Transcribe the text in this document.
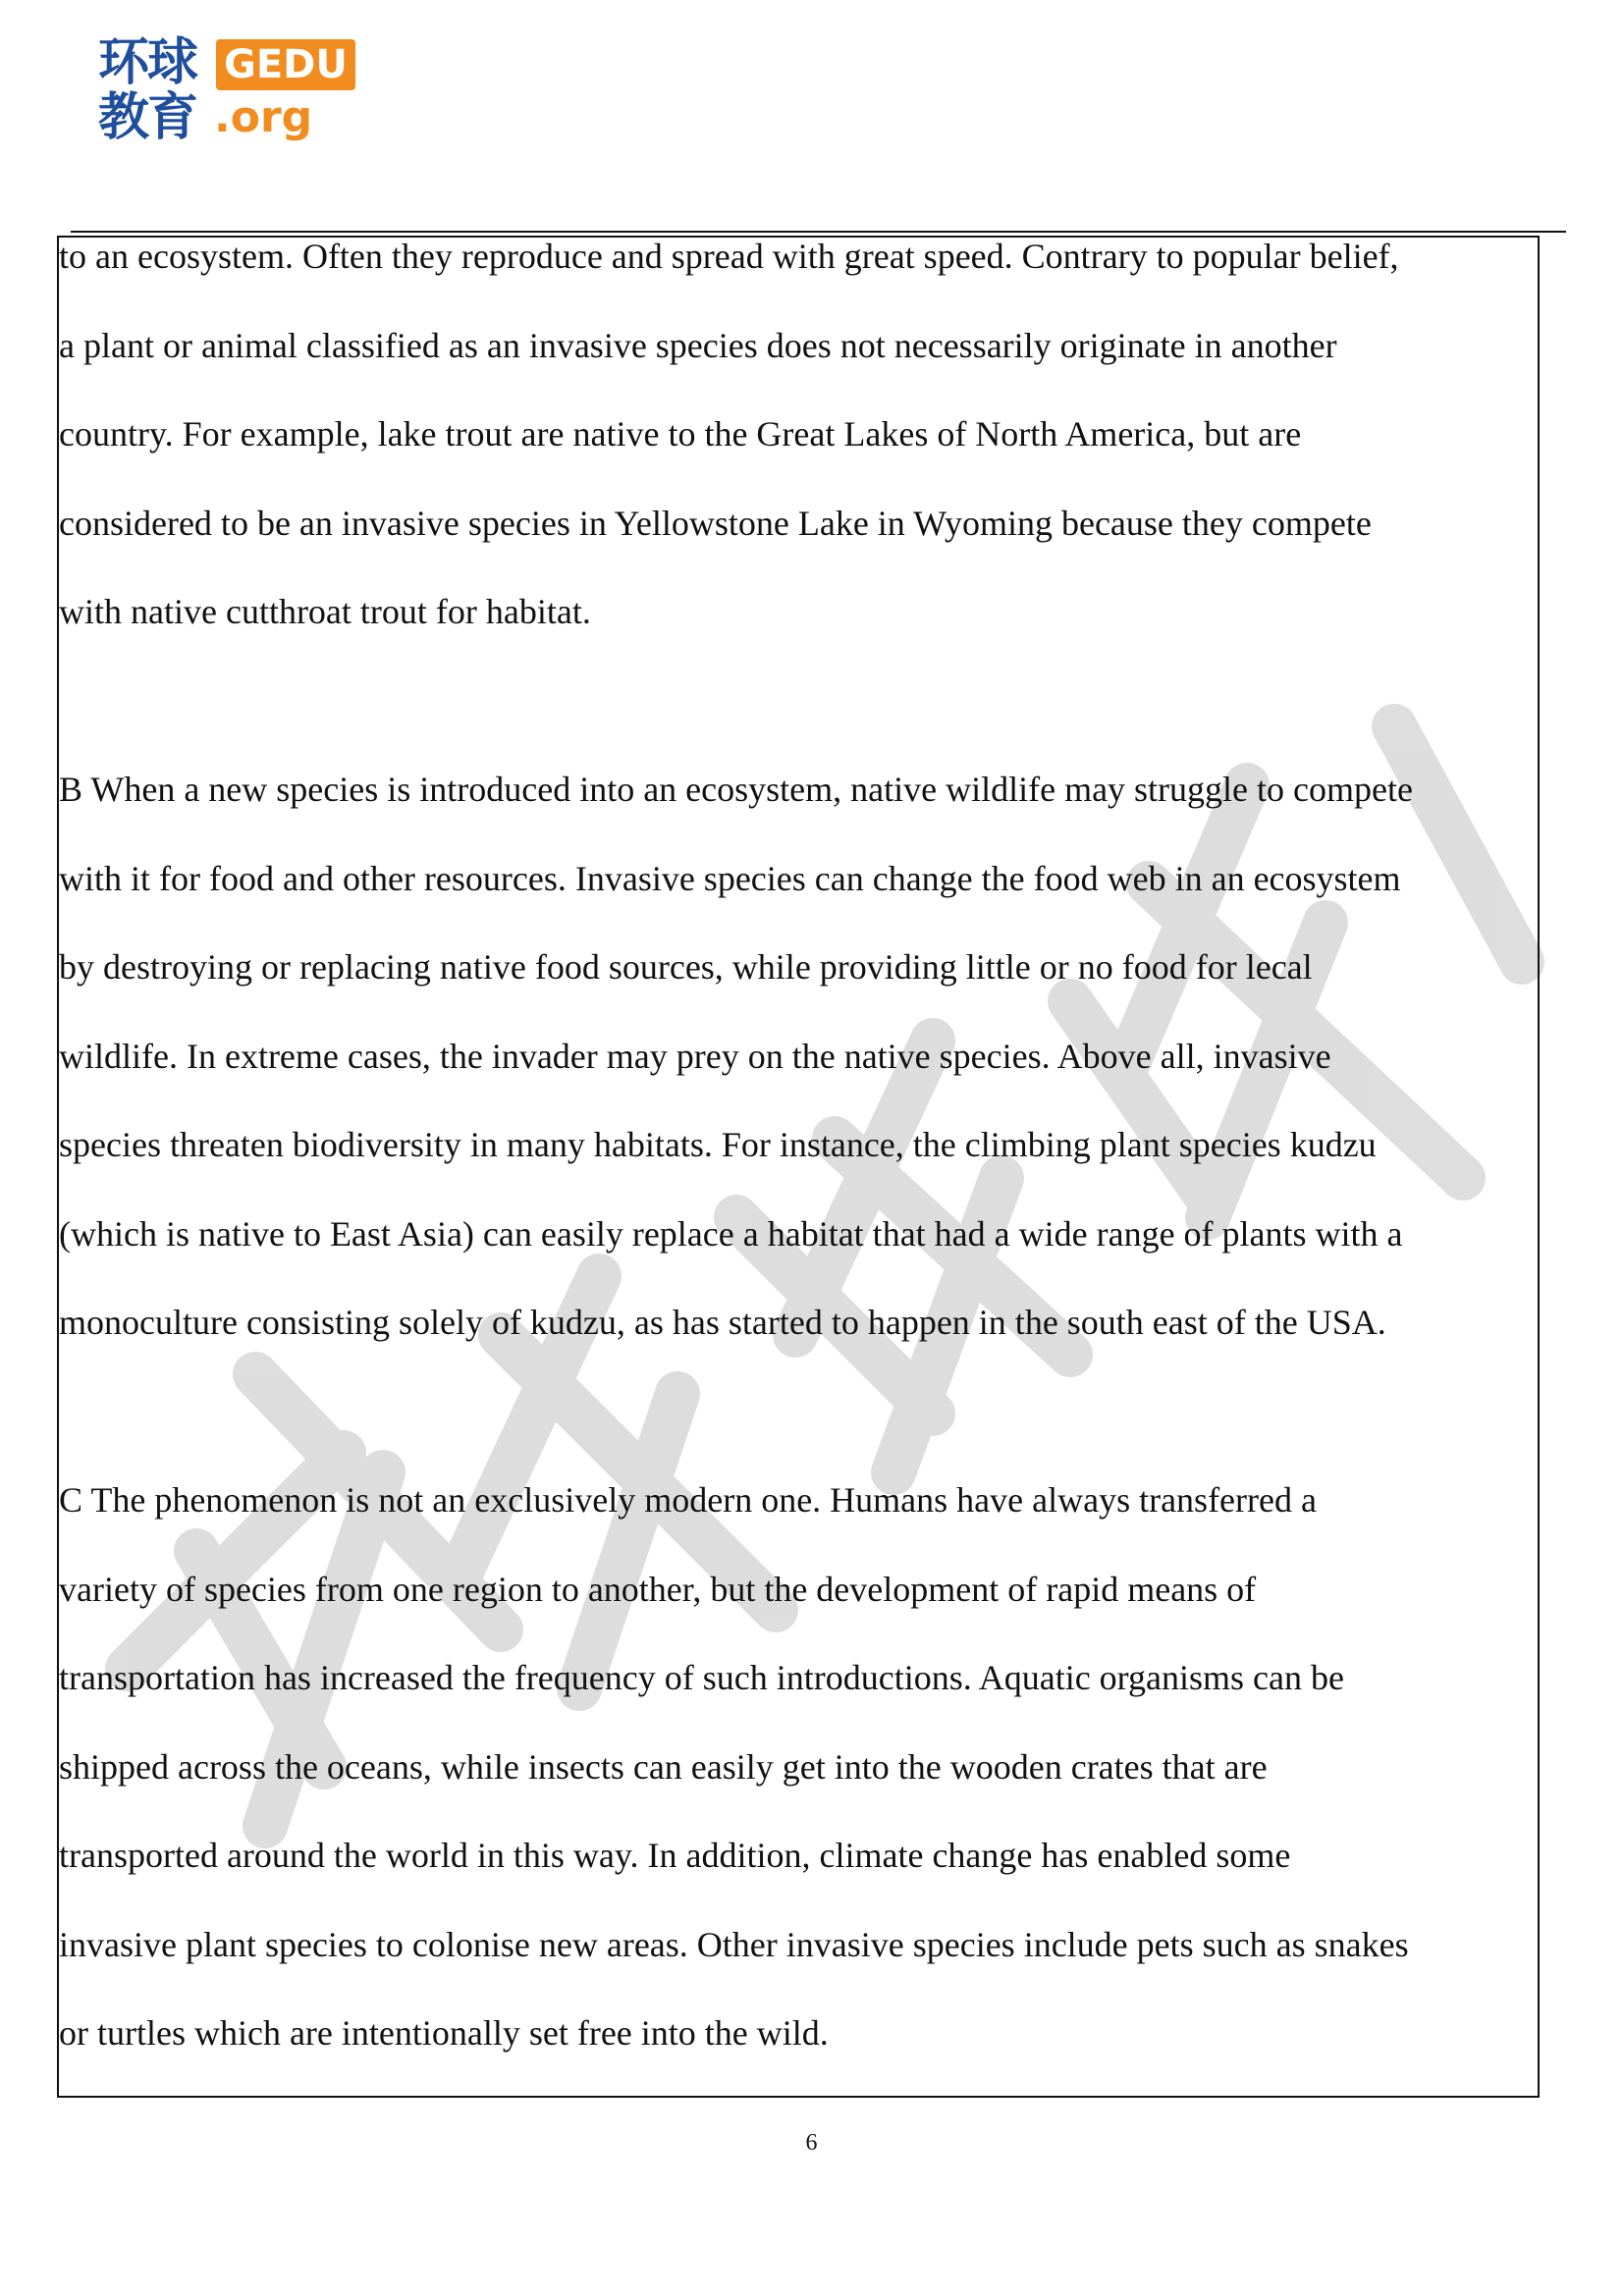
环球
教育
GEDU
.org
to an ecosystem. Often they reproduce and spread with great speed. Contrary to popular belief,
a plant or animal classified as an invasive species does not necessarily originate in another
country. For example, lake trout are native to the Great Lakes of North America, but are
considered to be an invasive species in Yellowstone Lake in Wyoming because they compete
with native cutthroat trout for habitat.
B When a new species is introduced into an ecosystem, native wildlife may struggle to compete
with it for food and other resources. Invasive species can change the food web in an ecosystem
by destroying or replacing native food sources, while providing little or no food for lecal
wildlife. In extreme cases, the invader may prey on the native species. Above all, invasive
species threaten biodiversity in many habitats. For instance, the climbing plant species kudzu
(which is native to East Asia) can easily replace a habitat that had a wide range of plants with a
monoculture consisting solely of kudzu, as has started to happen in the south east of the USA.
C The phenomenon is not an exclusively modern one. Humans have always transferred a
variety of species from one region to another, but the development of rapid means of
transportation has increased the frequency of such introductions. Aquatic organisms can be
shipped across the oceans, while insects can easily get into the wooden crates that are
transported around the world in this way. In addition, climate change has enabled some
invasive plant species to colonise new areas. Other invasive species include pets such as snakes
or turtles which are intentionally set free into the wild.
6
